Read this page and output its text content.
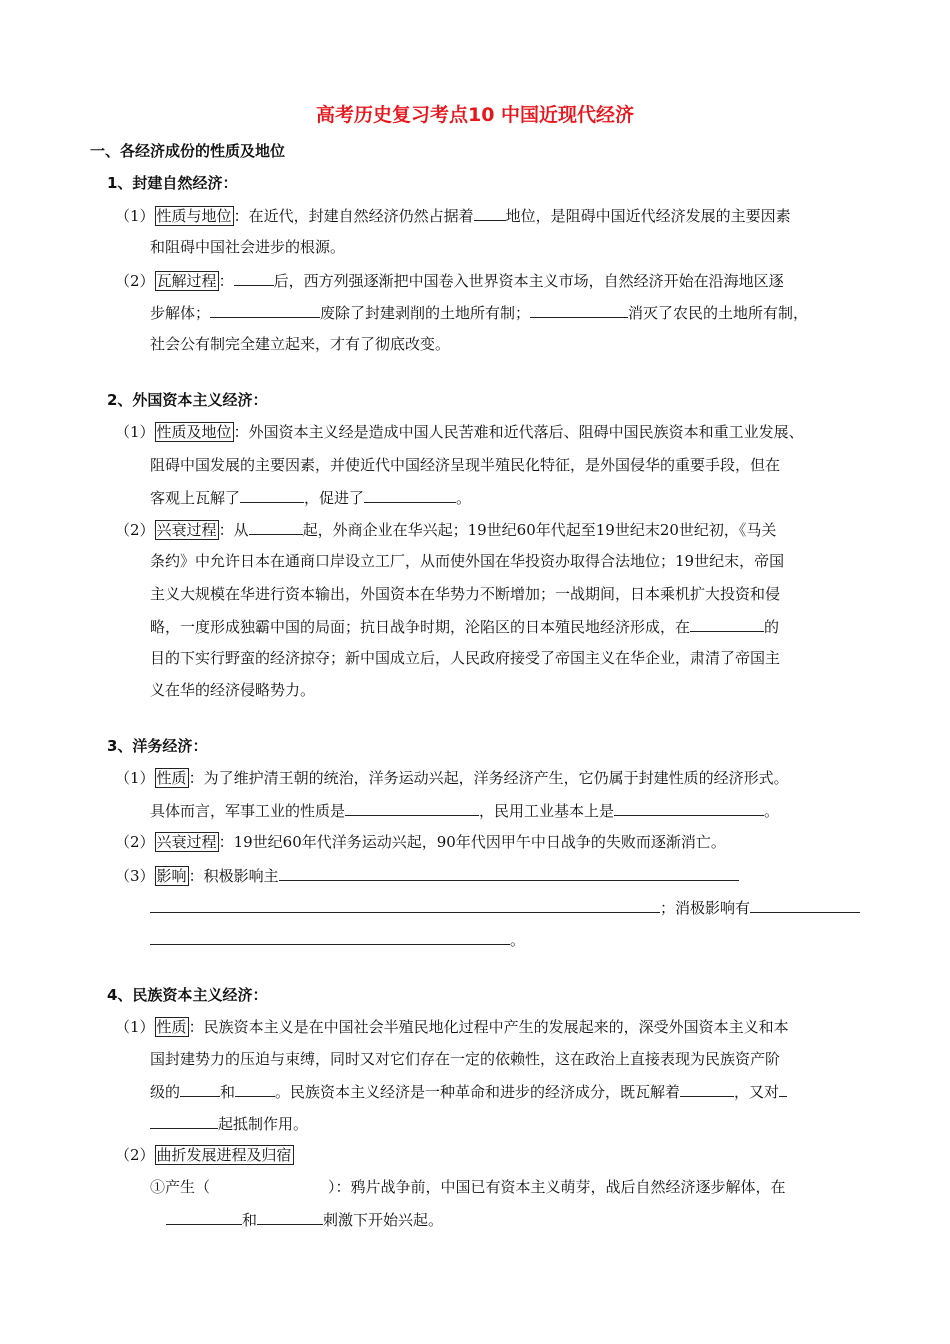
高考历史复习考点10 中国近现代经济
一、各经济成份的性质及地位
1、封建自然经济：
（1） 性质与地位 ：在近代，封建自然经济仍然占据着 地位，是阻碍中国近代经济发展的主要因素
和阻碍中国社会进步的根源。
（2） 瓦解过程 ：	后，西方列强逐渐把中国卷入世界资本主义市场，自然经济开始在沿海地区逐
步解体；	废除了封建剥削的土地所有制；	消灭了农民的土地所有制，
社会公有制完全建立起来，才有了彻底改变。
2、外国资本主义经济：
（1） 性质及地位 ：外国资本主义经是造成中国人民苦难和近代落后、阻碍中国民族资本和重工业发展、
阻碍中国发展的主要因素，并使近代中国经济呈现半殖民化特征，是外国侵华的重要手段，但在
客观上瓦解了	，促进了	。
（2） 兴衰过程 ：从	起，外商企业在华兴起；19世纪60年代起至19世纪末20世纪初，《马关
条约》中允许日本在通商口岸设立工厂，从而使外国在华投资办取得合法地位；19世纪末，帝国
主义大规模在华进行资本输出，外国资本在华势力不断增加；一战期间，日本乘机扩大投资和侵
略，一度形成独霸中国的局面；抗日战争时期，沦陷区的日本殖民地经济形成，在	的
目的下实行野蛮的经济掠夺；新中国成立后，人民政府接受了帝国主义在华企业，肃清了帝国主
义在华的经济侵略势力。
3、洋务经济：
（1） 性质 ：为了维护清王朝的统治，洋务运动兴起，洋务经济产生，它仍属于封建性质的经济形式。
具体而言，军事工业的性质是	，民用工业基本上是	。
（2） 兴衰过程 ：19世纪60年代洋务运动兴起，90年代因甲午中日战争的失败而逐渐消亡。
（3） 影响 ：积极影响主
；消极影响有
。
4、民族资本主义经济：
（1） 性质 ：民族资本主义是在中国社会半殖民地化过程中产生的发展起来的，深受外国资本主义和本
国封建势力的压迫与束缚，同时又对它们存在一定的依赖性，这在政治上直接表现为民族资产阶
级的	和	。民族资本主义经济是一种革命和进步的经济成分，既瓦解着	，又对
起抵制作用。
（2） 曲折发展进程及归宿
①产生（	）：鸦片战争前，中国已有资本主义萌芽，战后自然经济逐步解体，在
和	刺激下开始兴起。
